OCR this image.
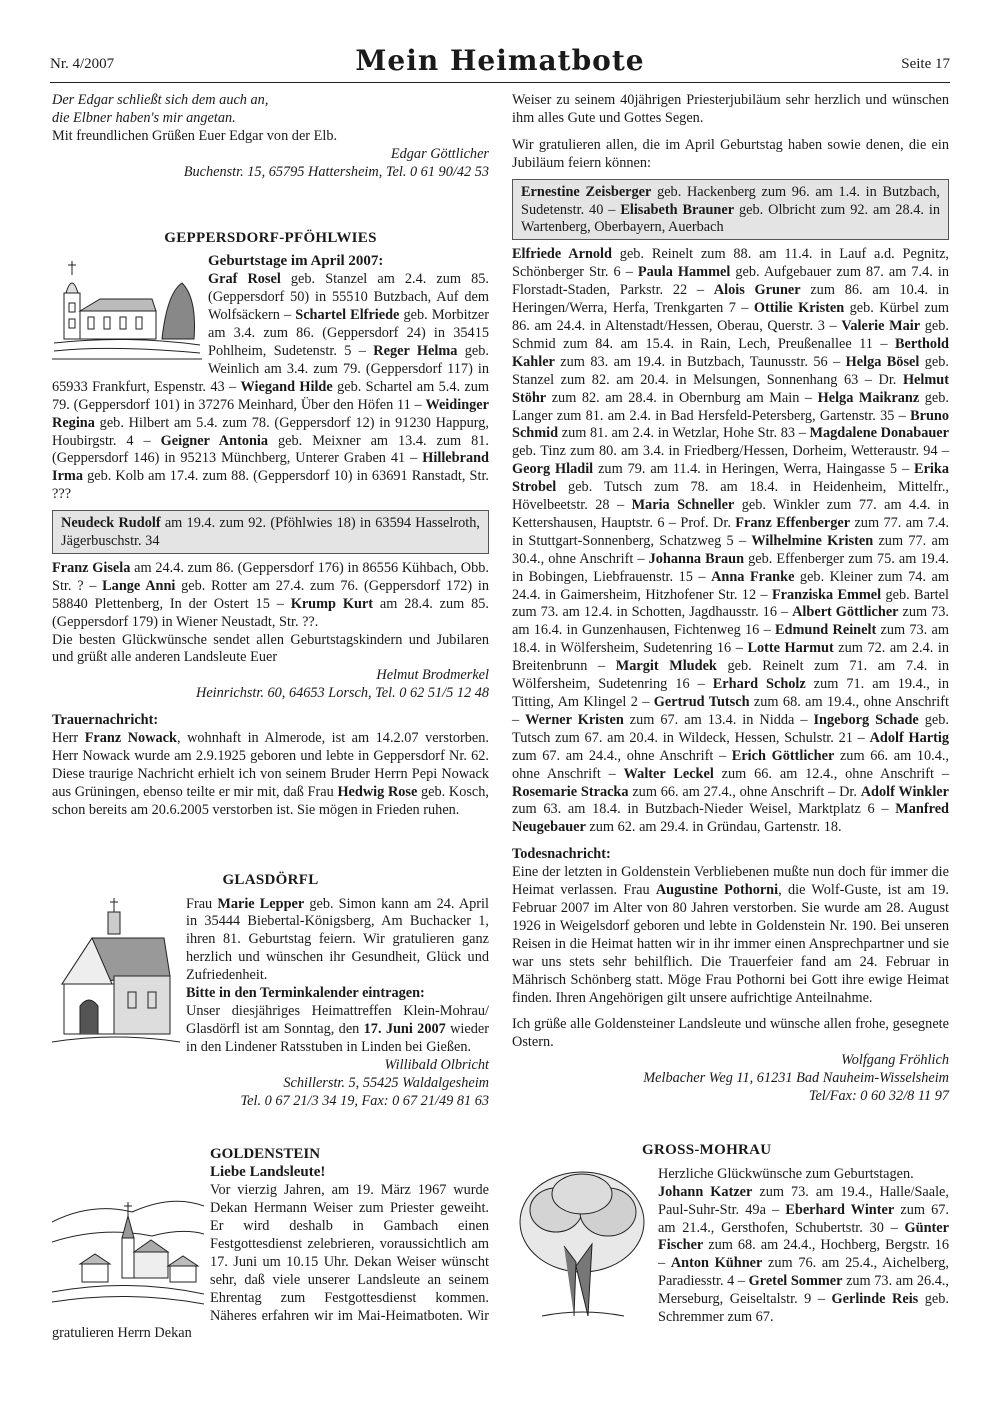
Nr. 4/2007	Mein Heimatbote	Seite 17

Der Edgar schließt sich dem auch an,

die Elbner haben's mir angetan.

Mit freundlichen Grüßen Euer Edgar von der Elb.

Edgar Göttlicher

Buchenstr. 15, 65795 Hattersheim, Tel. 0 61 90/42 53

GEPPERSDORF-PFÖHLWIES

Geburtstage im April 2007:
Graf Rosel geb. Stanzel am 2.4. zum 85. (Geppersdorf 50) in 55510 Butzbach, Auf dem Wolfsäckern – Schartel Elfriede geb. Morbitzer am 3.4. zum 86. (Geppersdorf 24) in 35415 Pohlheim, Sudetenstr. 5 – Reger Helma geb. Weinlich am 3.4. zum 79. (Geppersdorf 117) in 65933 Frankfurt, Espenstr. 43 – Wiegand Hilde geb. Schartel am 5.4. zum 79. (Geppersdorf 101) in 37276 Meinhard, Über den Höfen 11 – Weidinger Regina geb. Hilbert am 5.4. zum 78. (Geppersdorf 12) in 91230 Happurg, Houbirgstr. 4 – Geigner Antonia geb. Meixner am 13.4. zum 81. (Geppersdorf 146) in 95213 Münchberg, Unterer Graben 41 – Hillebrand Irma geb. Kolb am 17.4. zum 88. (Geppersdorf 10) in 63691 Ranstadt, Str. ???

Neudeck Rudolf am 19.4. zum 92. (Pföhlwies 18) in 63594 Hasselroth, Jägerbuschstr. 34

Franz Gisela am 24.4. zum 86. (Geppersdorf 176) in 86556 Kühbach, Obb. Str. ? – Lange Anni geb. Rotter am 27.4. zum 76. (Geppersdorf 172) in 58840 Plettenberg, In der Ostert 15 – Krump Kurt am 28.4. zum 85. (Geppersdorf 179) in Wiener Neustadt, Str. ??.

Die besten Glückwünsche sendet allen Geburtstagskindern und Jubilaren und grüßt alle anderen Landsleute Euer

Helmut Brodmerkel

Heinrichstr. 60, 64653 Lorsch, Tel. 0 62 51/5 12 48

Trauernachricht:

Herr Franz Nowack, wohnhaft in Almerode, ist am 14.2.07 verstorben. Herr Nowack wurde am 2.9.1925 geboren und lebte in Geppersdorf Nr. 62. Diese traurige Nachricht erhielt ich von seinem Bruder Herrn Pepi Nowack aus Grüningen, ebenso teilte er mir mit, daß Frau Hedwig Rose geb. Kosch, schon bereits am 20.6.2005 verstorben ist. Sie mögen in Frieden ruhen.

GLASDÖRFL

Frau Marie Lepper geb. Simon kann am 24. April in 35444 Biebertal-Königsberg, Am Buchacker 1, ihren 81. Geburtstag feiern. Wir gratulieren ganz herzlich und wünschen ihr Gesundheit, Glück und Zufriedenheit.

Bitte in den Terminkalender eintragen:

Unser diesjähriges Heimattreffen Klein-Mohrau/ Glasdörfl ist am Sonntag, den 17. Juni 2007 wieder in den Lindener Ratsstuben in Linden bei Gießen.

Willibald Olbricht

Schillerstr. 5, 55425 Waldalgesheim

Tel. 0 67 21/3 34 19, Fax: 0 67 21/49 81 63

GOLDENSTEIN

Liebe Landsleute!

Vor vierzig Jahren, am 19. März 1967 wurde Dekan Hermann Weiser zum Priester geweiht. Er wird deshalb in Gambach einen Festgottesdienst zelebrieren, voraussichtlich am 17. Juni um 10.15 Uhr. Dekan Weiser wünscht sehr, daß viele unserer Landsleute an seinem Ehrentag zum Festgottesdienst kommen. Näheres erfahren wir im Mai-Heimatboten. Wir gratulieren Herrn Dekan

Weiser zu seinem 40jährigen Priesterjubiläum sehr herzlich und wünschen ihm alles Gute und Gottes Segen.

Wir gratulieren allen, die im April Geburtstag haben sowie denen, die ein Jubiläum feiern können:

Ernestine Zeisberger geb. Hackenberg zum 96. am 1.4. in Butzbach, Sudetenstr. 40 – Elisabeth Brauner geb. Olbricht zum 92. am 28.4. in Wartenberg, Oberbayern, Auerbach

Elfriede Arnold geb. Reinelt zum 88. am 11.4. in Lauf a.d. Pegnitz, Schönberger Str. 6 – Paula Hammel geb. Aufgebauer zum 87. am 7.4. in Florstadt-Staden, Parkstr. 22 – Alois Gruner zum 86. am 10.4. in Heringen/Werra, Herfa, Trenkgarten 7 – Ottilie Kristen geb. Kürbel zum 86. am 24.4. in Altenstadt/Hessen, Oberau, Querstr. 3 – Valerie Mair geb. Schmid zum 84. am 15.4. in Rain, Lech, Preußenallee 11 – Berthold Kahler zum 83. am 19.4. in Butzbach, Taunusstr. 56 – Helga Bösel geb. Stanzel zum 82. am 20.4. in Melsungen, Sonnenhang 63 – Dr. Helmut Stöhr zum 82. am 28.4. in Obernburg am Main – Helga Maikranz geb. Langer zum 81. am 2.4. in Bad Hersfeld-Petersberg, Gartenstr. 35 – Bruno Schmid zum 81. am 2.4. in Wetzlar, Hohe Str. 83 – Magdalene Donabauer geb. Tinz zum 80. am 3.4. in Friedberg/Hessen, Dorheim, Wetteraustr. 94 – Georg Hladil zum 79. am 11.4. in Heringen, Werra, Haingasse 5 – Erika Strobel geb. Tutsch zum 78. am 18.4. in Heidenheim, Mittelfr., Hövelbeetstr. 28 – Maria Schneller geb. Winkler zum 77. am 4.4. in Kettershausen, Hauptstr. 6 – Prof. Dr. Franz Effenberger zum 77. am 7.4. in Stuttgart-Sonnenberg, Schatzweg 5 – Wilhelmine Kristen zum 77. am 30.4., ohne Anschrift – Johanna Braun geb. Effenberger zum 75. am 19.4. in Bobingen, Liebfrauenstr. 15 – Anna Franke geb. Kleiner zum 74. am 24.4. in Gaimersheim, Hitzhofener Str. 12 – Franziska Emmel geb. Bartel zum 73. am 12.4. in Schotten, Jagdhausstr. 16 – Albert Göttlicher zum 73. am 16.4. in Gunzenhausen, Fichtenweg 16 – Edmund Reinelt zum 73. am 18.4. in Wölfersheim, Sudetenring 16 – Lotte Harmut zum 72. am 2.4. in Breitenbrunn – Margit Mludek geb. Reinelt zum 71. am 7.4. in Wölfersheim, Sudetenring 16 – Erhard Scholz zum 71. am 19.4., in Titting, Am Klingel 2 – Gertrud Tutsch zum 68. am 19.4., ohne Anschrift – Werner Kristen zum 67. am 13.4. in Nidda – Ingeborg Schade geb. Tutsch zum 67. am 20.4. in Wildeck, Hessen, Schulstr. 21 – Adolf Hartig zum 67. am 24.4., ohne Anschrift – Erich Göttlicher zum 66. am 10.4., ohne Anschrift – Walter Leckel zum 66. am 12.4., ohne Anschrift – Rosemarie Stracka zum 66. am 27.4., ohne Anschrift – Dr. Adolf Winkler zum 63. am 18.4. in Butzbach-Nieder Weisel, Marktplatz 6 – Manfred Neugebauer zum 62. am 29.4. in Gründau, Gartenstr. 18.

Todesnachricht:

Eine der letzten in Goldenstein Verbliebenen mußte nun doch für immer die Heimat verlassen. Frau Augustine Pothorni, die Wolf-Guste, ist am 19. Februar 2007 im Alter von 80 Jahren verstorben. Sie wurde am 28. August 1926 in Weigelsdorf geboren und lebte in Goldenstein Nr. 190. Bei unseren Reisen in die Heimat hatten wir in ihr immer einen Ansprechpartner und sie war uns stets sehr behilflich. Die Trauerfeier fand am 24. Februar in Mährisch Schönberg statt. Möge Frau Pothorni bei Gott ihre ewige Heimat finden. Ihren Angehörigen gilt unsere aufrichtige Anteilnahme.

Ich grüße alle Goldensteiner Landsleute und wünsche allen frohe, gesegnete Ostern.

Wolfgang Fröhlich

Melbacher Weg 11, 61231 Bad Nauheim-Wisselsheim

Tel/Fax: 0 60 32/8 11 97

GROSS-MOHRAU

Herzliche Glückwünsche zum Geburtstagen.

Johann Katzer zum 73. am 19.4., Halle/Saale, Paul-Suhr-Str. 49a – Eberhard Winter zum 67. am 21.4., Gersthofen, Schubertstr. 30 – Günter Fischer zum 68. am 24.4., Hochberg, Bergstr. 16 – Anton Kühner zum 76. am 25.4., Aichelberg, Paradiesstr. 4 – Gretel Sommer zum 73. am 26.4., Merseburg, Geiseltalstr. 9 – Gerlinde Reis geb. Schremmer zum 67.
